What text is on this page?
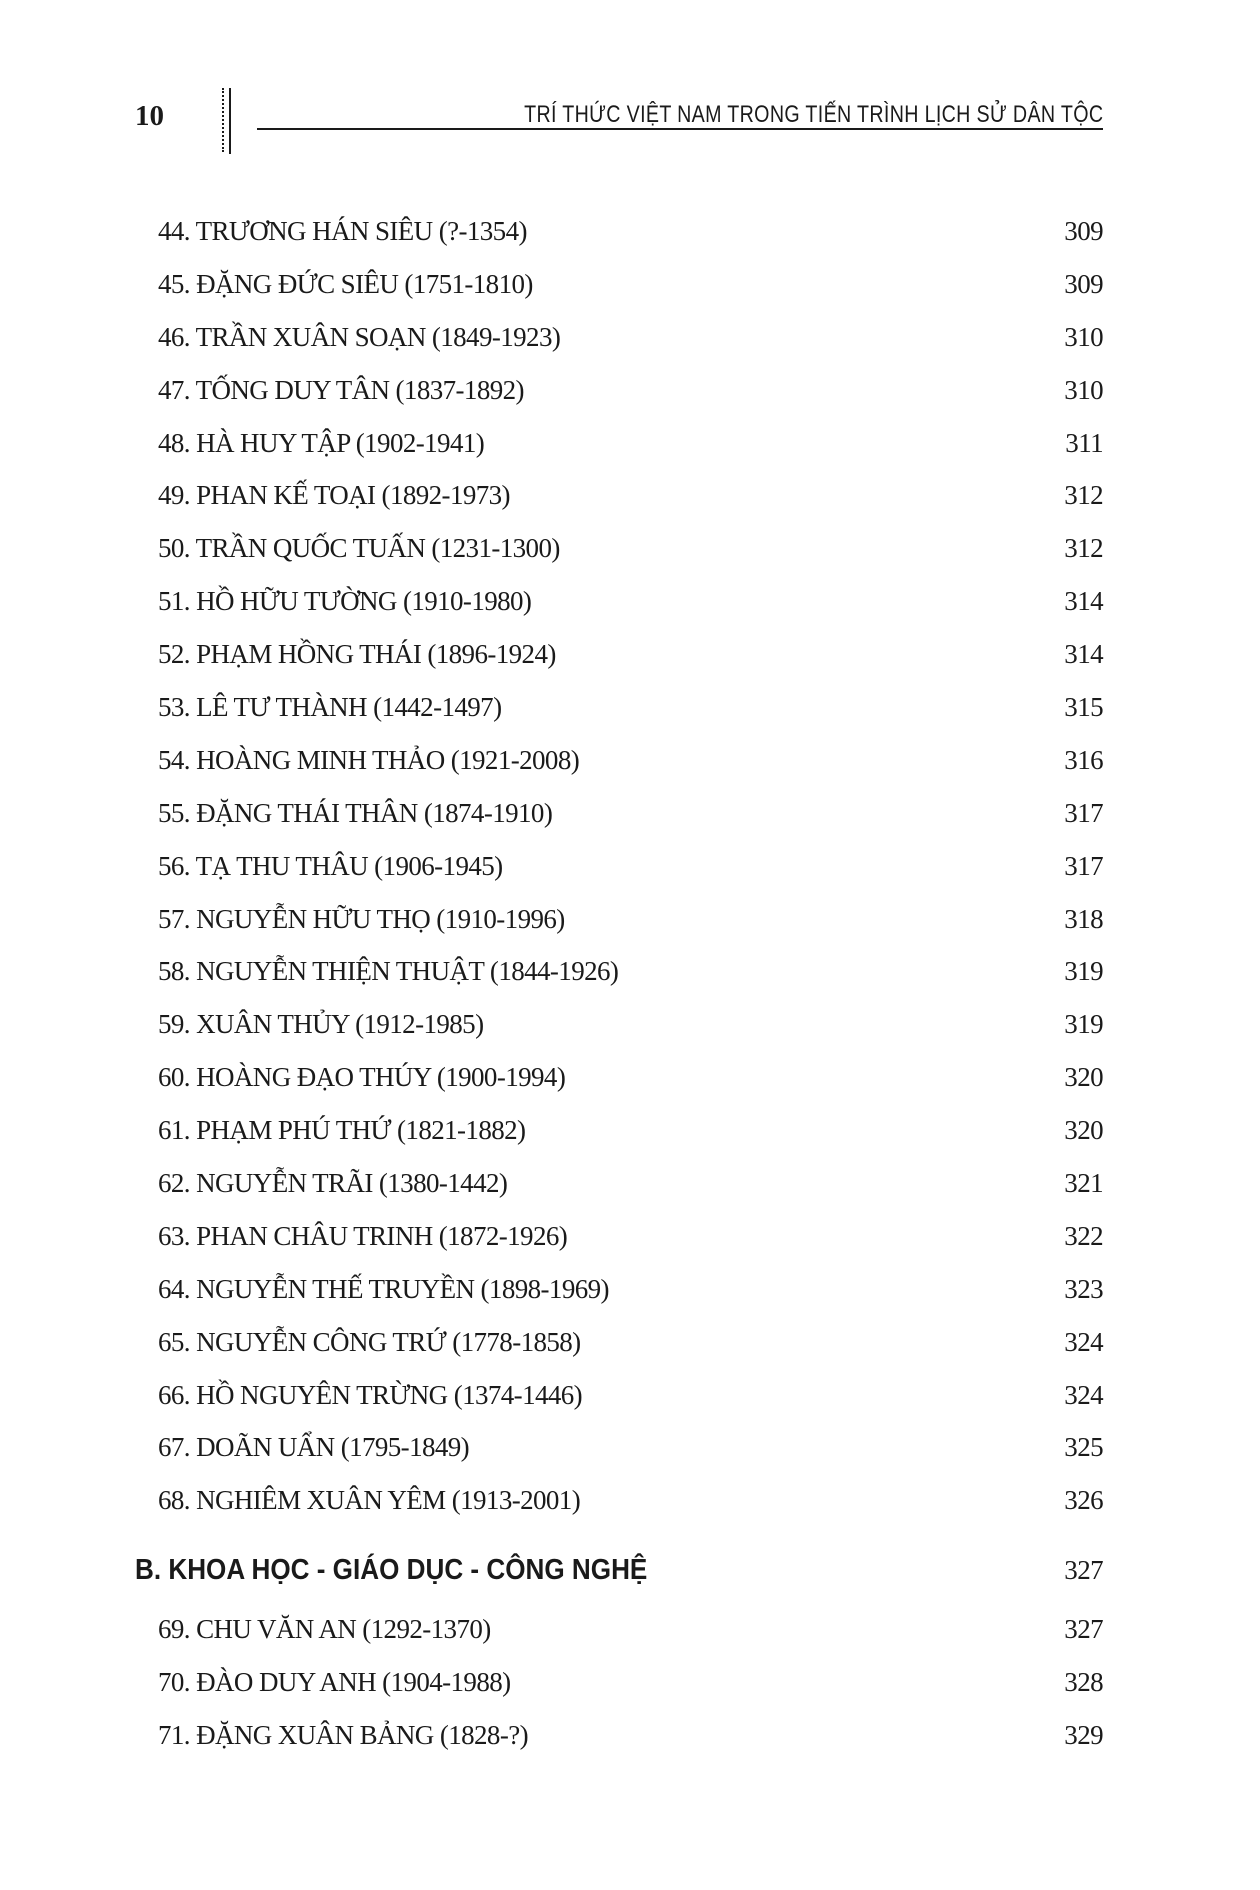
10	TRÍ THỨC VIỆT NAM TRONG TIẾN TRÌNH LỊCH SỬ DÂN TỘC
44. TRƯƠNG HÁN SIÊU (?-1354)	309
45. ĐẶNG ĐỨC SIÊU (1751-1810)	309
46. TRẦN XUÂN SOẠN (1849-1923)	310
47. TỐNG DUY TÂN (1837-1892)	310
48. HÀ HUY TẬP (1902-1941)	311
49. PHAN KẾ TOẠI (1892-1973)	312
50. TRẦN QUỐC TUẤN (1231-1300)	312
51. HỒ HỮU TƯỜNG (1910-1980)	314
52. PHẠM HỒNG THÁI (1896-1924)	314
53. LÊ TƯ THÀNH (1442-1497)	315
54. HOÀNG MINH THẢO (1921-2008)	316
55. ĐẶNG THÁI THÂN (1874-1910)	317
56. TẠ THU THÂU (1906-1945)	317
57. NGUYỄN HỮU THỌ (1910-1996)	318
58. NGUYỄN THIỆN THUẬT (1844-1926)	319
59. XUÂN THỦY (1912-1985)	319
60. HOÀNG ĐẠO THÚY (1900-1994)	320
61. PHẠM PHÚ THỨ (1821-1882)	320
62. NGUYỄN TRÃI (1380-1442)	321
63. PHAN CHÂU TRINH (1872-1926)	322
64. NGUYỄN THẾ TRUYỀN (1898-1969)	323
65. NGUYỄN CÔNG TRỨ (1778-1858)	324
66. HỒ NGUYÊN TRỪNG (1374-1446)	324
67. DOÃN UẨN (1795-1849)	325
68. NGHIÊM XUÂN YÊM (1913-2001)	326
B. KHOA HỌC - GIÁO DỤC - CÔNG NGHỆ	327
69. CHU VĂN AN (1292-1370)	327
70. ĐÀO DUY ANH (1904-1988)	328
71. ĐẶNG XUÂN BẢNG (1828-?)	329
